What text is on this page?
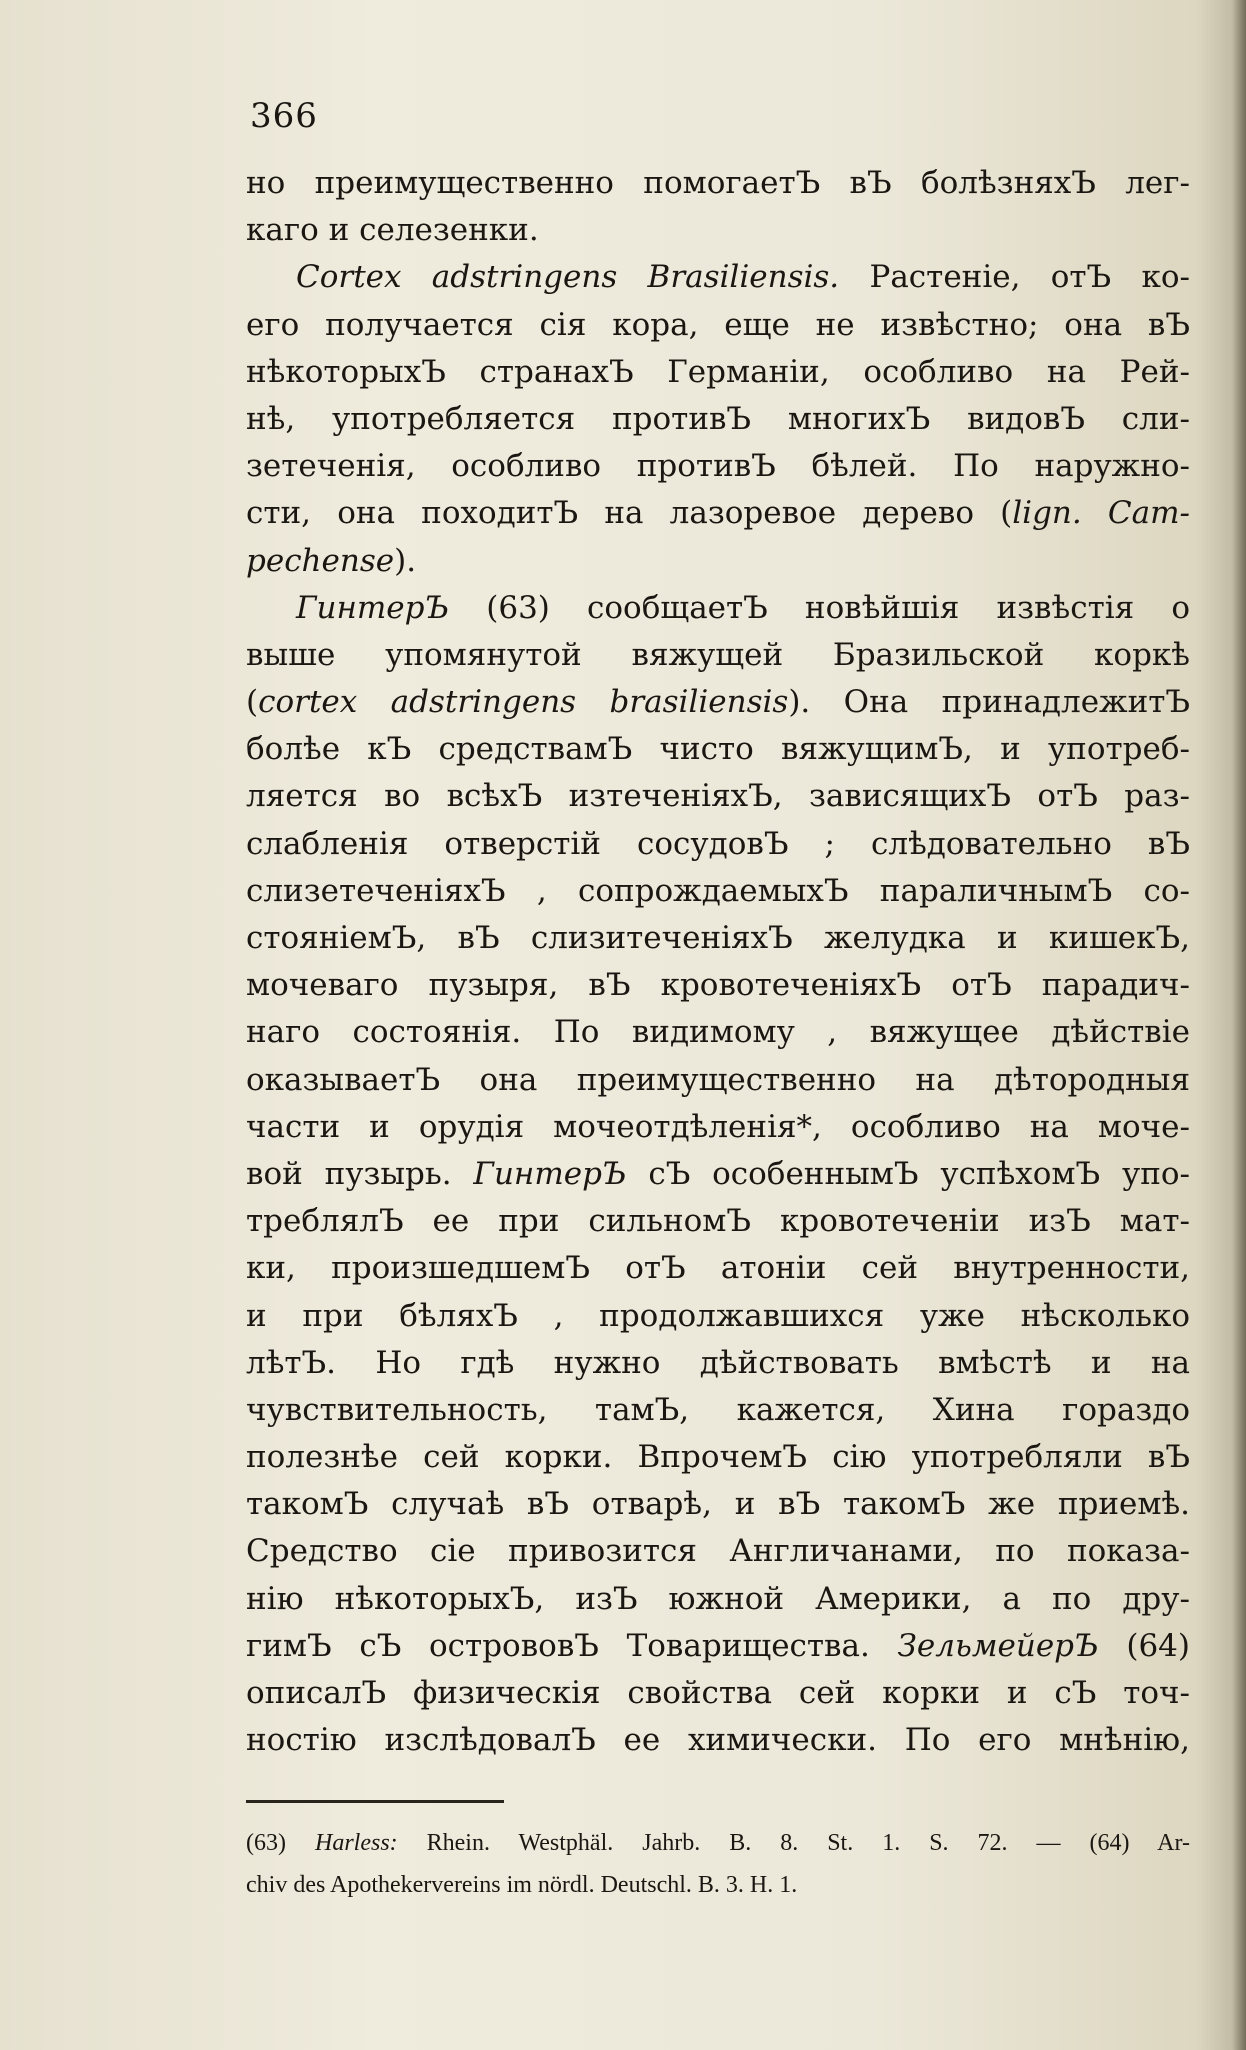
366
но преимущественно помогаетЪ вЪ болѣзняхЪ лег-
каго и селезенки.
Cortex adstringens Brasiliensis. Растеніе, отЪ ко-
его получается сія кора, еще не извѣстно; она вЪ
нѣкоторыхЪ странахЪ Германіи, особливо на Рей-
нѣ, употребляется противЪ многихЪ видовЪ сли-
зетеченія, особливо противЪ бѣлей. По наружно-
сти, она походитЪ на лазоревое дерево (lign. Cam-
pechense).
ГинтерЪ (63) сообщаетЪ новѣйшія извѣстія о
выше упомянутой вяжущей Бразильской коркѣ
(cortex adstringens brasiliensis). Она принадлежитЪ
болѣе кЪ средствамЪ чисто вяжущимЪ, и употреб-
ляется во всѣхЪ изтеченіяхЪ, зависящихЪ отЪ раз-
слабленія отверстій сосудовЪ ; слѣдовательно вЪ
слизетеченіяхЪ , сопрождаемыхЪ параличнымЪ со-
стояніемЪ, вЪ слизитеченіяхЪ желудка и кишекЪ,
мочеваго пузыря, вЪ кровотеченіяхЪ отЪ парадич-
наго состоянія. По видимому , вяжущее дѣйствіе
оказываетЪ она преимущественно на дѣтородныя
части и орудія мочеотдѣленія*, особливо на моче-
вой пузырь. ГинтерЪ сЪ особеннымЪ успѣхомЪ упо-
треблялЪ ее при сильномЪ кровотеченіи изЪ мат-
ки, произшедшемЪ отЪ атоніи сей внутренности,
и при бѣляхЪ , продолжавшихся уже нѣсколько
лѣтЪ. Но гдѣ нужно дѣйствовать вмѣстѣ и на
чувствительность, тамЪ, кажется, Хина гораздо
полезнѣе сей корки. ВпрочемЪ сію употребляли вЪ
такомЪ случаѣ вЪ отварѣ, и вЪ такомЪ же приемѣ.
Средство сіе привозится Англичанами, по показа-
нію нѣкоторыхЪ, изЪ южной Америки, а по дру-
гимЪ сЪ острововЪ Товарищества. ЗельмейерЪ (64)
описалЪ физическія свойства сей корки и сЪ точ-
ностію изслѣдовалЪ ее химически. По его мнѣнію,
(63) Harless: Rhein. Westphäl. Jahrb. B. 8. St. 1. S. 72. — (64) Ar-
chiv des Apothekervereins im nördl. Deutschl. B. 3. H. 1.
